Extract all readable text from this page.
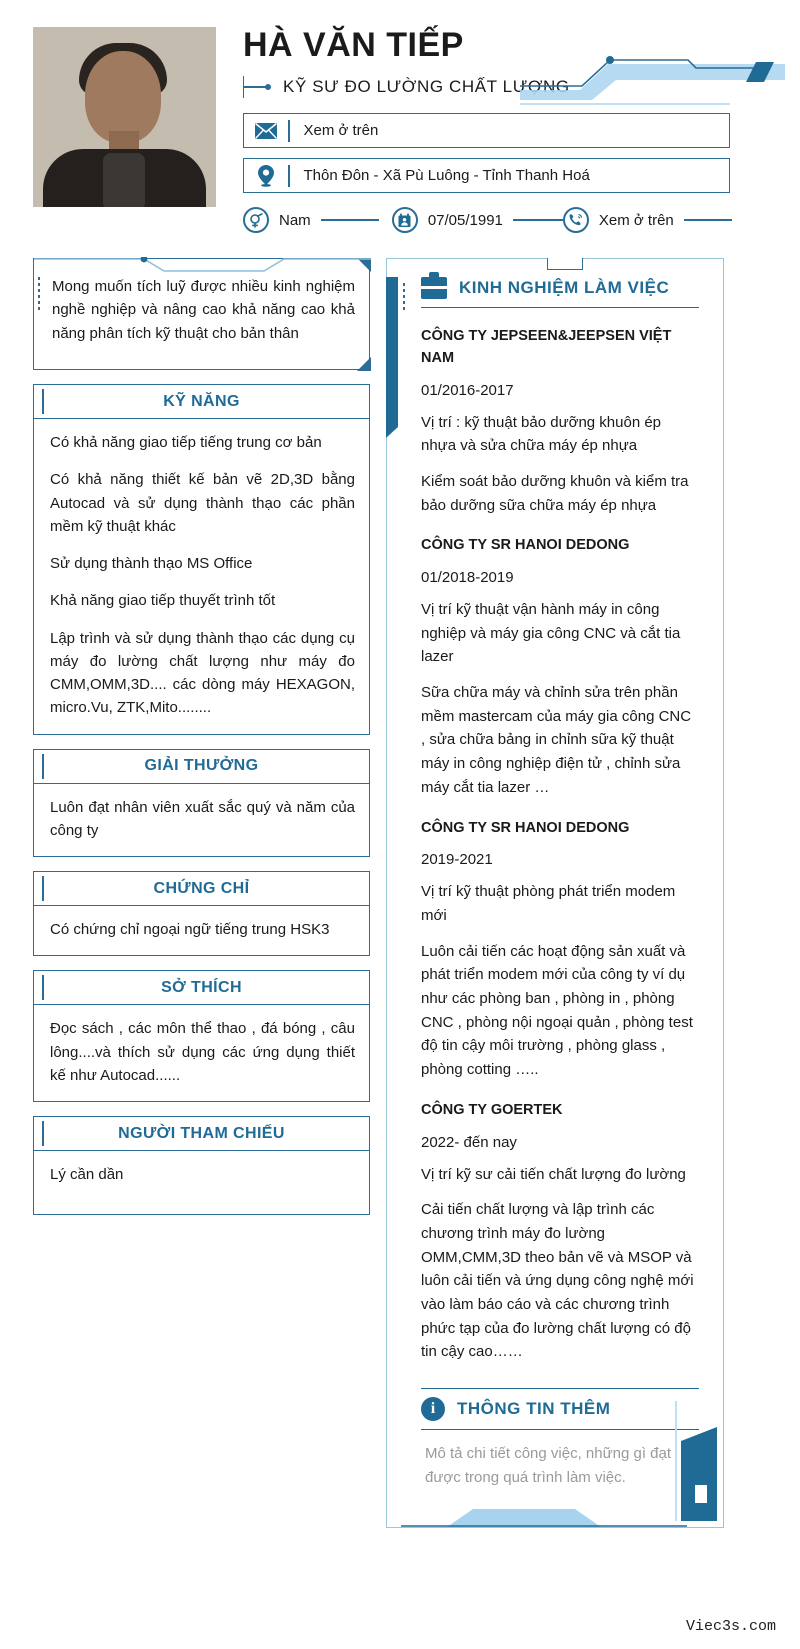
HÀ VĂN TIẾP
KỸ SƯ ĐO LƯỜNG CHẤT LƯỢNG
Xem ở trên
Thôn Đôn - Xã Pù Luông - Tỉnh Thanh Hoá
Nam	07/05/1991	Xem ở trên

Mong muốn tích luỹ được nhiều kinh nghiệm nghề nghiệp và nâng cao khả năng cao khả năng phân tích kỹ thuật cho bản thân

KỸ NĂNG

Có khả năng giao tiếp tiếng trung cơ bản

Có khả năng thiết kế bản vẽ 2D,3D bằng Autocad và sử dụng thành thạo các phần mềm kỹ thuật khác

Sử dụng thành thạo MS Office

Khả năng giao tiếp thuyết trình tốt

Lập trình và sử dụng thành thạo các dụng cụ máy đo lường chất lượng như máy đo CMM,OMM,3D.... các dòng máy HEXAGON, micro.Vu, ZTK,Mito........

GIẢI THƯỞNG

Luôn đạt nhân viên xuất sắc quý và năm của công ty

CHỨNG CHỈ

Có chứng chỉ ngoại ngữ tiếng trung HSK3

SỞ THÍCH

Đọc sách , các môn thể thao , đá bóng , câu lông....và thích sử dụng các ứng dụng thiết kế như Autocad......

NGƯỜI THAM CHIẾU

Lý cần dần

KINH NGHIỆM LÀM VIỆC

CÔNG TY JEPSEEN&JEEPSEN VIỆT NAM

01/2016-2017

Vị trí : kỹ thuật bảo dưỡng khuôn ép nhựa và sửa chữa máy ép nhựa

Kiểm soát bảo dưỡng khuôn và kiểm tra bảo dưỡng sữa chữa máy ép nhựa

CÔNG TY SR HANOI DEDONG

01/2018-2019

Vị trí kỹ thuật vận hành máy in công nghiệp và máy gia công CNC và cắt tia lazer

Sữa chữa máy và chỉnh sửa trên phần mềm mastercam của máy gia công CNC , sửa chữa bảng in chỉnh sữa kỹ thuật máy in công nghiệp điện tử , chỉnh sửa máy cắt tia lazer …

CÔNG TY SR HANOI DEDONG

2019-2021

Vị trí kỹ thuật phòng phát triển modem mới

Luôn cải tiến các hoạt động sản xuất và phát triển modem mới của công ty ví dụ như các phòng ban , phòng in , phòng CNC , phòng nội ngoại quản , phòng test độ tin cậy môi trường , phòng glass , phòng cotting …..

CÔNG TY GOERTEK

2022- đến nay

Vị trí kỹ sư cải tiến chất lượng đo lường

Cải tiến chất lượng và lập trình các chương trình máy đo lường OMM,CMM,3D theo bản vẽ và MSOP và luôn cải tiến và ứng dụng công nghệ mới vào làm báo cáo và các chương trình phức tạp của đo lường chất lượng có độ tin cậy cao……

i	THÔNG TIN THÊM
Mô tả chi tiết công việc, những gì đạt được trong quá trình làm việc.
Viec3s.com
